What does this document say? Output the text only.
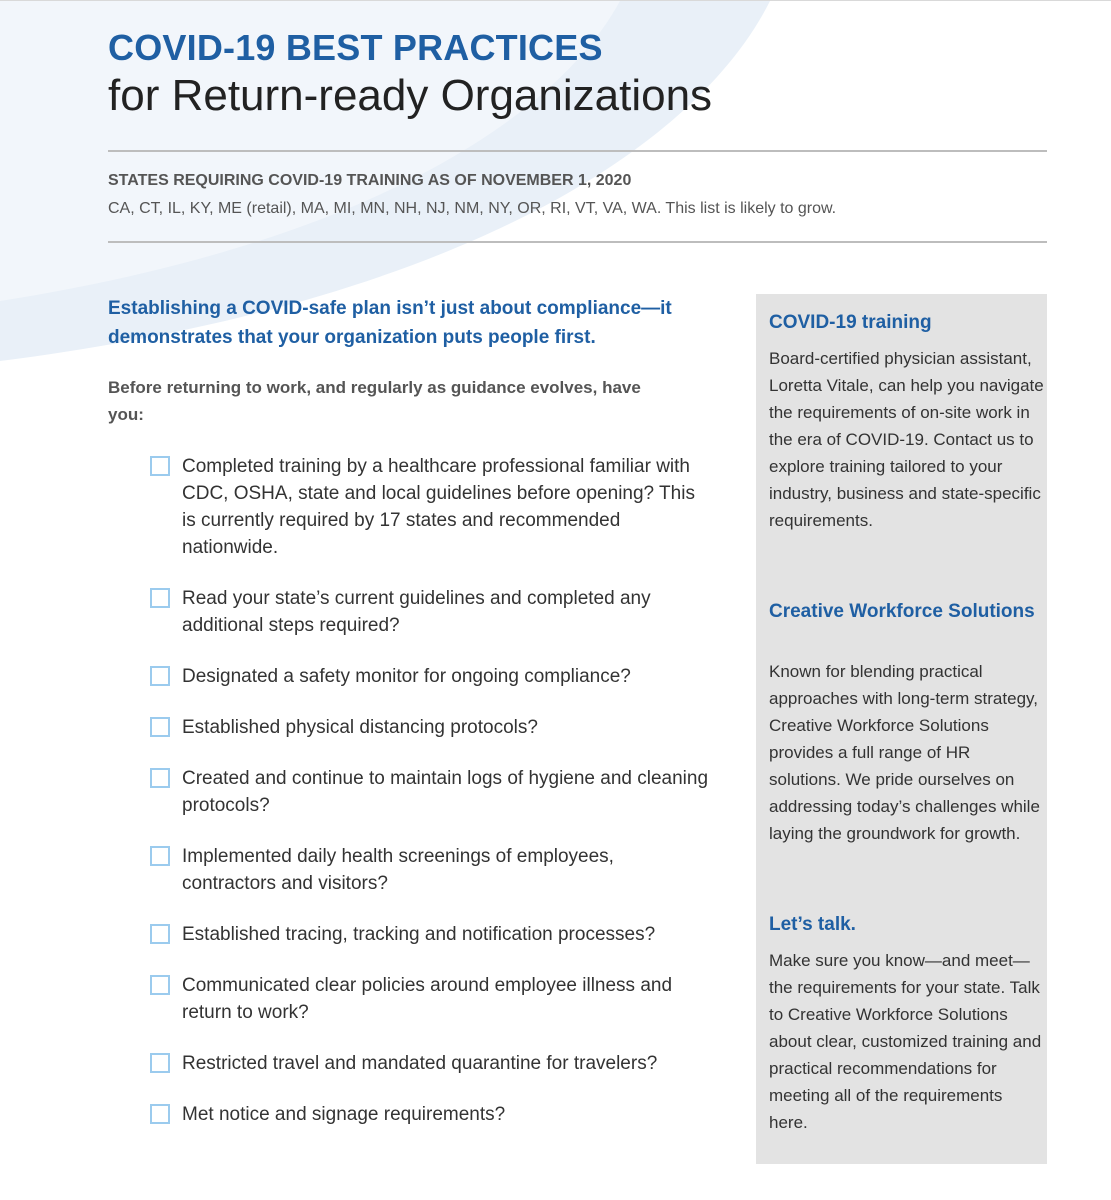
COVID-19 BEST PRACTICES
for Return-ready Organizations
STATES REQUIRING COVID-19 TRAINING AS OF NOVEMBER 1, 2020
CA, CT, IL, KY, ME (retail), MA, MI, MN, NH, NJ, NM, NY, OR, RI, VT, VA, WA. This list is likely to grow.
Establishing a COVID-safe plan isn’t just about compliance—it demonstrates that your organization puts people first.
Before returning to work, and regularly as guidance evolves, have you:
Completed training by a healthcare professional familiar with CDC, OSHA, state and local guidelines before opening? This is currently required by 17 states and recommended nationwide.
Read your state’s current guidelines and completed any additional steps required?
Designated a safety monitor for ongoing compliance?
Established physical distancing protocols?
Created and continue to maintain logs of hygiene and cleaning protocols?
Implemented daily health screenings of employees, contractors and visitors?
Established tracing, tracking and notification processes?
Communicated clear policies around employee illness and return to work?
Restricted travel and mandated quarantine for travelers?
Met notice and signage requirements?
COVID-19 training
Board-certified physician assistant, Loretta Vitale, can help you navigate the requirements of on-site work in the era of COVID-19. Contact us to explore training tailored to your industry, business and state-specific requirements.
Creative Workforce Solutions
Known for blending practical approaches with long-term strategy, Creative Workforce Solutions provides a full range of HR solutions. We pride ourselves on addressing today’s challenges while laying the groundwork for growth.
Let’s talk.
Make sure you know—and meet—the requirements for your state. Talk to Creative Workforce Solutions about clear, customized training and practical recommendations for meeting all of the requirements here.
